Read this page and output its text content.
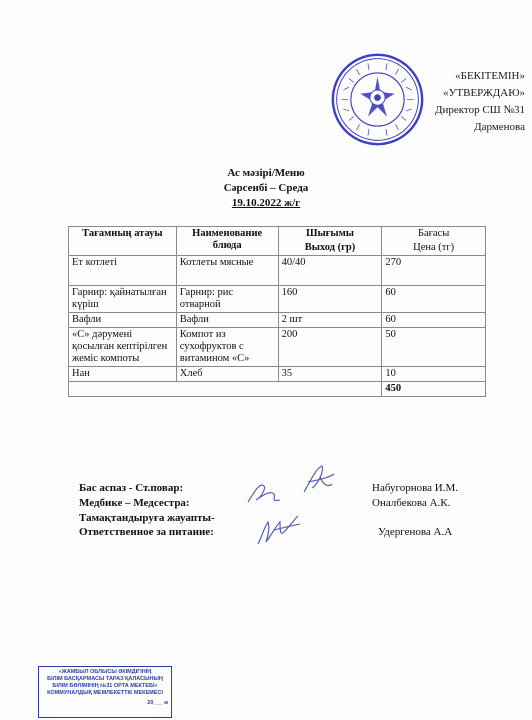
«БЕКІТЕМІН»
«УТВЕРЖДАЮ»
Директор СШ №31
Дарменова
Ас мәзірі/Меню
Сәрсенбі – Среда
19.10.2022 ж/г
Тағамның атауы	Наименование блюда	Шығымы	Бағасы
		Выход (гр)	Цена (тг)
Ет котлеті	Котлеты мясные	40/40	270
Гарнир: қайнатылған күріш	Гарнир: рис отварной	160	60
Вафли	Вафли	2 шт	60
«С» дәрумені қосылған кептірілген жеміс компоты	Компот из сухофруктов с витамином «С»	200	50
Нан	Хлеб	35	10
			450
Бас аспаз - Ст.повар:
Медбике – Медсестра:
Тамақтандыруға жауапты-
Ответственное за питание:
Набугорнова И.М.
Оналбекова А.К.
Удергенова А.А
«ЖАМБЫЛ ОБЛЫСЫ ӘКІМДІГІНІҢ
БІЛІМ БАСҚАРМАСЫ ТАРАЗ ҚАЛАСЫНЫҢ
БІЛІМ БӨЛІМІНІҢ №31 ОРТА МЕКТЕБІ»
КОММУНАЛДЫҚ МЕМЛЕКЕТТІК МЕКЕМЕСІ
20___ ж
